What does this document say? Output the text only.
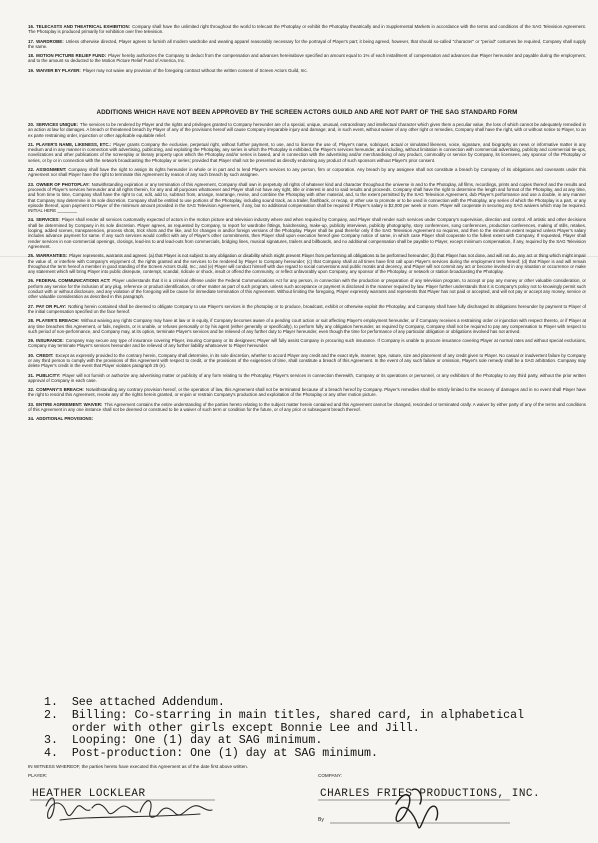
16. TELECASTS AND THEATRICAL EXHIBITION: Company shall have the unlimited right throughout the world to telecast the Photoplay or exhibit the Photoplay theatrically and in Supplemental Markets in accordance with the terms and conditions of the SAG Television Agreement. The Photoplay is produced primarily for exhibition over free television.

17. WARDROBE: Unless otherwise directed, Player agrees to furnish all modern wardrobe and wearing apparel reasonably necessary for the portrayal of Player's part; it being agreed, however, that should so-called "character" or "period" costumes be required, Company shall supply the same.

18. MOTION PICTURE RELIEF FUND: Player hereby authorizes the Company to deduct from the compensation and advances hereinabove specified an amount equal to 1% of each installment of compensation and advances due Player hereunder and payable during the employment, and to the amount so deducted to the Motion Picture Relief Fund of America, Inc.

19. WAIVER BY PLAYER: Player may not waive any provision of the foregoing contract without the written consent of Screen Actors Guild, Inc.

ADDITIONS WHICH HAVE NOT BEEN APPROVED BY THE SCREEN ACTORS GUILD AND ARE NOT PART OF THE SAG STANDARD FORM

20. SERVICES UNIQUE: The services to be rendered by Player and the rights and privileges granted to Company hereunder are of a special, unique, unusual, extraordinary and intellectual character which gives them a peculiar value, the loss of which cannot be adequately remedied in an action at law for damages. A breach or threatened breach by Player of any of the provisions hereof will cause Company irreparable injury and damage; and, in such event, without waiver of any other right or remedies, Company shall have the right, with or without notice to Player, to an ex parte restraining order, injunction or other applicable equitable relief.

21. PLAYER'S NAME, LIKENESS, ETC.: Player grants Company the exclusive, perpetual right, without further payment, to use, and to license the use of, Player's name, sobriquet, actual or simulated likeness, voice, signature, and biography as news or informative matter in any medium and in any manner in connection with advertising, publicizing, and exploiting the Photoplay, any series in which the Photoplay is exhibited, the Player's services hereunder, and including, without limitation in connection with commercial advertising, publicity and commercial tie-ups, novelizations and other publications of the screenplay or literary property upon which the Photoplay and/or series is based, and in connection with the advertising and/or merchandising of any product, commodity or service by Company, its licensees, any sponsor of the Photoplay or series, or by or in connection with the network broadcasting the Photoplay or series; provided that Player shall not be presented as directly endorsing any product of such sponsors without Player's prior consent.

22. ASSIGNMENT: Company shall have the right to assign its rights hereunder in whole or in part and to lend Player's services to any person, firm or corporation. Any breach by any assignee shall not constitute a breach by Company of its obligations and covenants under this Agreement nor shall Player have the right to terminate this Agreement by reason of any such breach by such assignee.

23. OWNER OF PHOTOPLAY: Notwithstanding expiration or any termination of this Agreement, Company shall own in perpetuity all rights of whatever kind and character throughout the universe in and to the Photoplay, all films, recordings, prints and copies thereof and the results and proceeds of Player's services hereunder and all rights therein, for any and all purposes whatsoever and Player shall not have any right, title or interest in and to said results and proceeds. Company shall have the right to determine the length and format of the Photoplay, and at any time, and from time to time, Company shall have the right to cut, edit, add to, subtract from, arrange, rearrange, revise, and combine the Photoplay with other material, and, to the extent permitted by the SAG Television Agreement, dub Player's performance and use a double, in any manner that Company may determine in its sole discretion. Company shall be entitled to use portions of the Photoplay, including sound track, as a trailer, flashback, or recap, or other use to promote or to be used in connection with the Photoplay, any series of which the Photoplay is a part, or any episode thereof, upon payment to Player of the minimum amount provided in the SAG Television Agreement, if any, but no additional compensation shall be required if Player's salary is $2,000 per week or more. Player will cooperate in securing any SAG waivers which may be required. INITIAL HERE ________

24. SERVICES: Player shall render all services customarily expected of actors in the motion picture and television industry where and when required by Company, and Player shall render such services under Company's supervision, direction and control. All artistic and other decisions shall be determined by Company in its sole discretion. Player agrees, as requested by Company, to report for wardrobe fittings, hairdressing, make-up, publicity interviews, publicity photography, story conferences, song conferences, production conferences, making of stills, retakes, looping, added scenes, transparencies, process shots, trick shots and the like, and for changes in and/or foreign versions of the Photoplay. Player shall be paid therefor only if the SAG Television Agreement so requires, and then to the minimum extent required unless Player's salary includes advance payment for same. If any such services would conflict with any of Player's other commitments, then Player shall upon execution hereof give Company notice of same, in which case Player shall cooperate to the fullest extent with Company. If requested, Player shall render services in non-commercial openings, closings, lead-ins to and lead-outs from commercials, bridging lines, musical signatures, trailers and billboards, and no additional compensation shall be payable to Player, except minimum compensation, if any, required by the SAG Television Agreement.

25. WARRANTIES: Player represents, warrants and agrees: (a) that Player is not subject to any obligation or disability which might prevent Player from performing all obligations to be performed hereunder; (b) that Player has not done, and will not do, any act or thing which might impair the value of, or interfere with Company's enjoyment of, the rights granted and the services to be rendered by Player to Company hereunder; (c) that Company shall at all times have first call upon Player's services during the employment term hereof; (d) that Player is and will remain throughout the term hereof a member in good standing of the Screen Actors Guild, Inc.; and (e) Player will conduct himself with due regard to social conventions and public morals and decency, and Player will not commit any act or become involved in any situation or occurrence or make any statement which will bring Player into public disrepute, contempt, scandal, ridicule or shock, insult or offend the community, or reflect unfavorably upon Company, any sponsor of the Photoplay, or network or station broadcasting the Photoplay.

26. FEDERAL COMMUNICATIONS ACT: Player understands that it is a criminal offense under the Federal Communications Act for any person, in connection with the production or preparation of any television program, to accept or pay any money or other valuable consideration, or perform any service for the inclusion of any plug, reference or product identification, or other matter as part of such program, unless such acceptance or payment is disclosed in the manner required by law. Player further understands that it is Company's policy not to knowingly permit such conduct with or without disclosure, and any violation of the foregoing will be cause for immediate termination of this Agreement. Without limiting the foregoing, Player expressly warrants and represents that Player has not paid or accepted, and will not pay or accept any money, service or other valuable consideration as described in this paragraph.

27. PAY OR PLAY: Nothing herein contained shall be deemed to obligate Company to use Player's services in the photoplay or to produce, broadcast, exhibit or otherwise exploit the Photoplay, and Company shall have fully discharged its obligations hereunder by payment to Player of the initial compensation specified on the face hereof.

28. PLAYER'S BREACH: Without waiving any rights Company may have at law or in equity, if Company becomes aware of a pending court action or suit affecting Player's employment hereunder, or if Company receives a restraining order or injunction with respect thereto, or if Player at any time breaches this Agreement, or fails, neglects, or is unable, or refuses personally or by his agent (either generally or specifically), to perform fully any obligation hereunder, as required by Company, Company shall not be required to pay any compensation to Player with respect to such period of non-performance, and Company may, at its option, terminate Player's services and be relieved of any further duty to Player hereunder, even though the time for performance of any particular obligation or obligations involved has not arrived.

29. INSURANCE: Company may secure any type of insurance covering Player, insuring Company or its designees; Player will fully assist Company in procuring such insurance. If Company is unable to procure insurance covering Player at normal rates and without special exclusions, Company may terminate Player's services hereunder and be relieved of any further liability whatsoever to Player hereunder.

30. CREDIT: Except as expressly provided to the contrary herein, Company shall determine, in its sole discretion, whether to accord Player any credit and the exact style, manner, type, nature, size and placement of any credit given to Player. No casual or inadvertent failure by Company or any third person to comply with the provisions of this Agreement with respect to credit, or the provisions of the exigencies of time, shall constitute a breach of this Agreement. In the event of any such failure or omission, Player's sole remedy shall be a SAG arbitration. Company may delete Player's credit in the event that Player violates paragraph 25 (e).

31. PUBLICITY: Player will not furnish or authorize any advertising matter or publicity of any form relating to the Photoplay, Player's services in connection therewith, Company or its operations or personnel, or any exhibitors of the Photoplay to any third party, without the prior written approval of Company in each case.

32. COMPANY'S BREACH: Notwithstanding any contrary provision hereof, or the operation of law, this Agreement shall not be terminated because of a breach hereof by Company. Player's remedies shall be strictly limited to the recovery of damages and in no event shall Player have the right to rescind this Agreement, revoke any of the rights herein granted, or enjoin or restrain Company's production and exploitation of the Photoplay or any other motion picture.

33. ENTIRE AGREEMENT: WAIVER: This Agreement contains the entire understanding of the parties hereto relating to the subject matter herein contained and this Agreement cannot be changed, rescinded or terminated orally. A waiver by either party of any of the terms and conditions of this Agreement in any one instance shall not be deemed or construed to be a waiver of such term or condition for the future, or of any prior or subsequent breach thereof.

34. ADDITIONAL PROVISIONS:

1.  See attached Addendum.
2.  Billing: Co-starring in main titles, shared card, in alphabetical
order with other girls except Bonnie Lee and Jill.
3.  Looping: One (1) day at SAG minimum.
4.  Post-production: One (1) day at SAG minimum.
IN WITNESS WHEREOF, the parties hereto have executed this Agreement as of the date first above written.
PLAYER:	COMPANY:
HEATHER LOCKLEAR	CHARLES FRIES PRODUCTIONS, INC.
By
